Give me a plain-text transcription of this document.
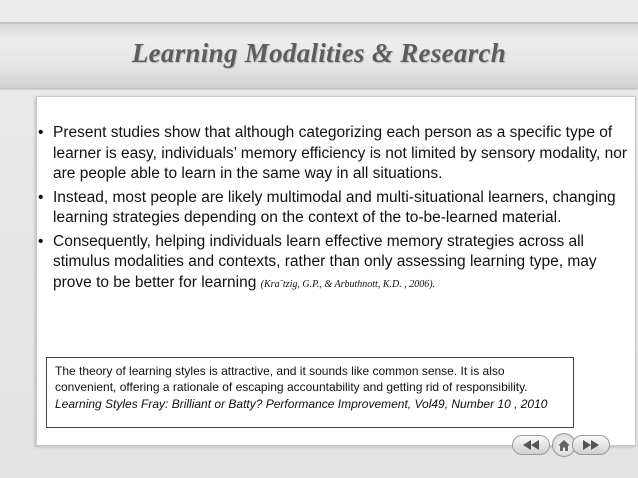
Learning Modalities & Research
• Present studies show that although categorizing each person as a specific type of learner is easy, individuals’ memory efficiency is not limited by sensory modality, nor are people able to learn in the same way in all situations.
• Instead, most people are likely multimodal and multi-situational learners, changing learning strategies depending on the context of the to-be-learned material.
• Consequently, helping individuals learn effective memory strategies across all stimulus modalities and contexts, rather than only assessing learning type, may prove to be better for learning (Kra¨tzig, G.P., & Arbuthnott, K.D. , 2006).
The theory of learning styles is attractive, and it sounds like common sense. It is also convenient, offering a rationale of escaping accountability and getting rid of responsibility.
Learning Styles Fray: Brilliant or Batty? Performance Improvement, Vol49, Number 10 , 2010
